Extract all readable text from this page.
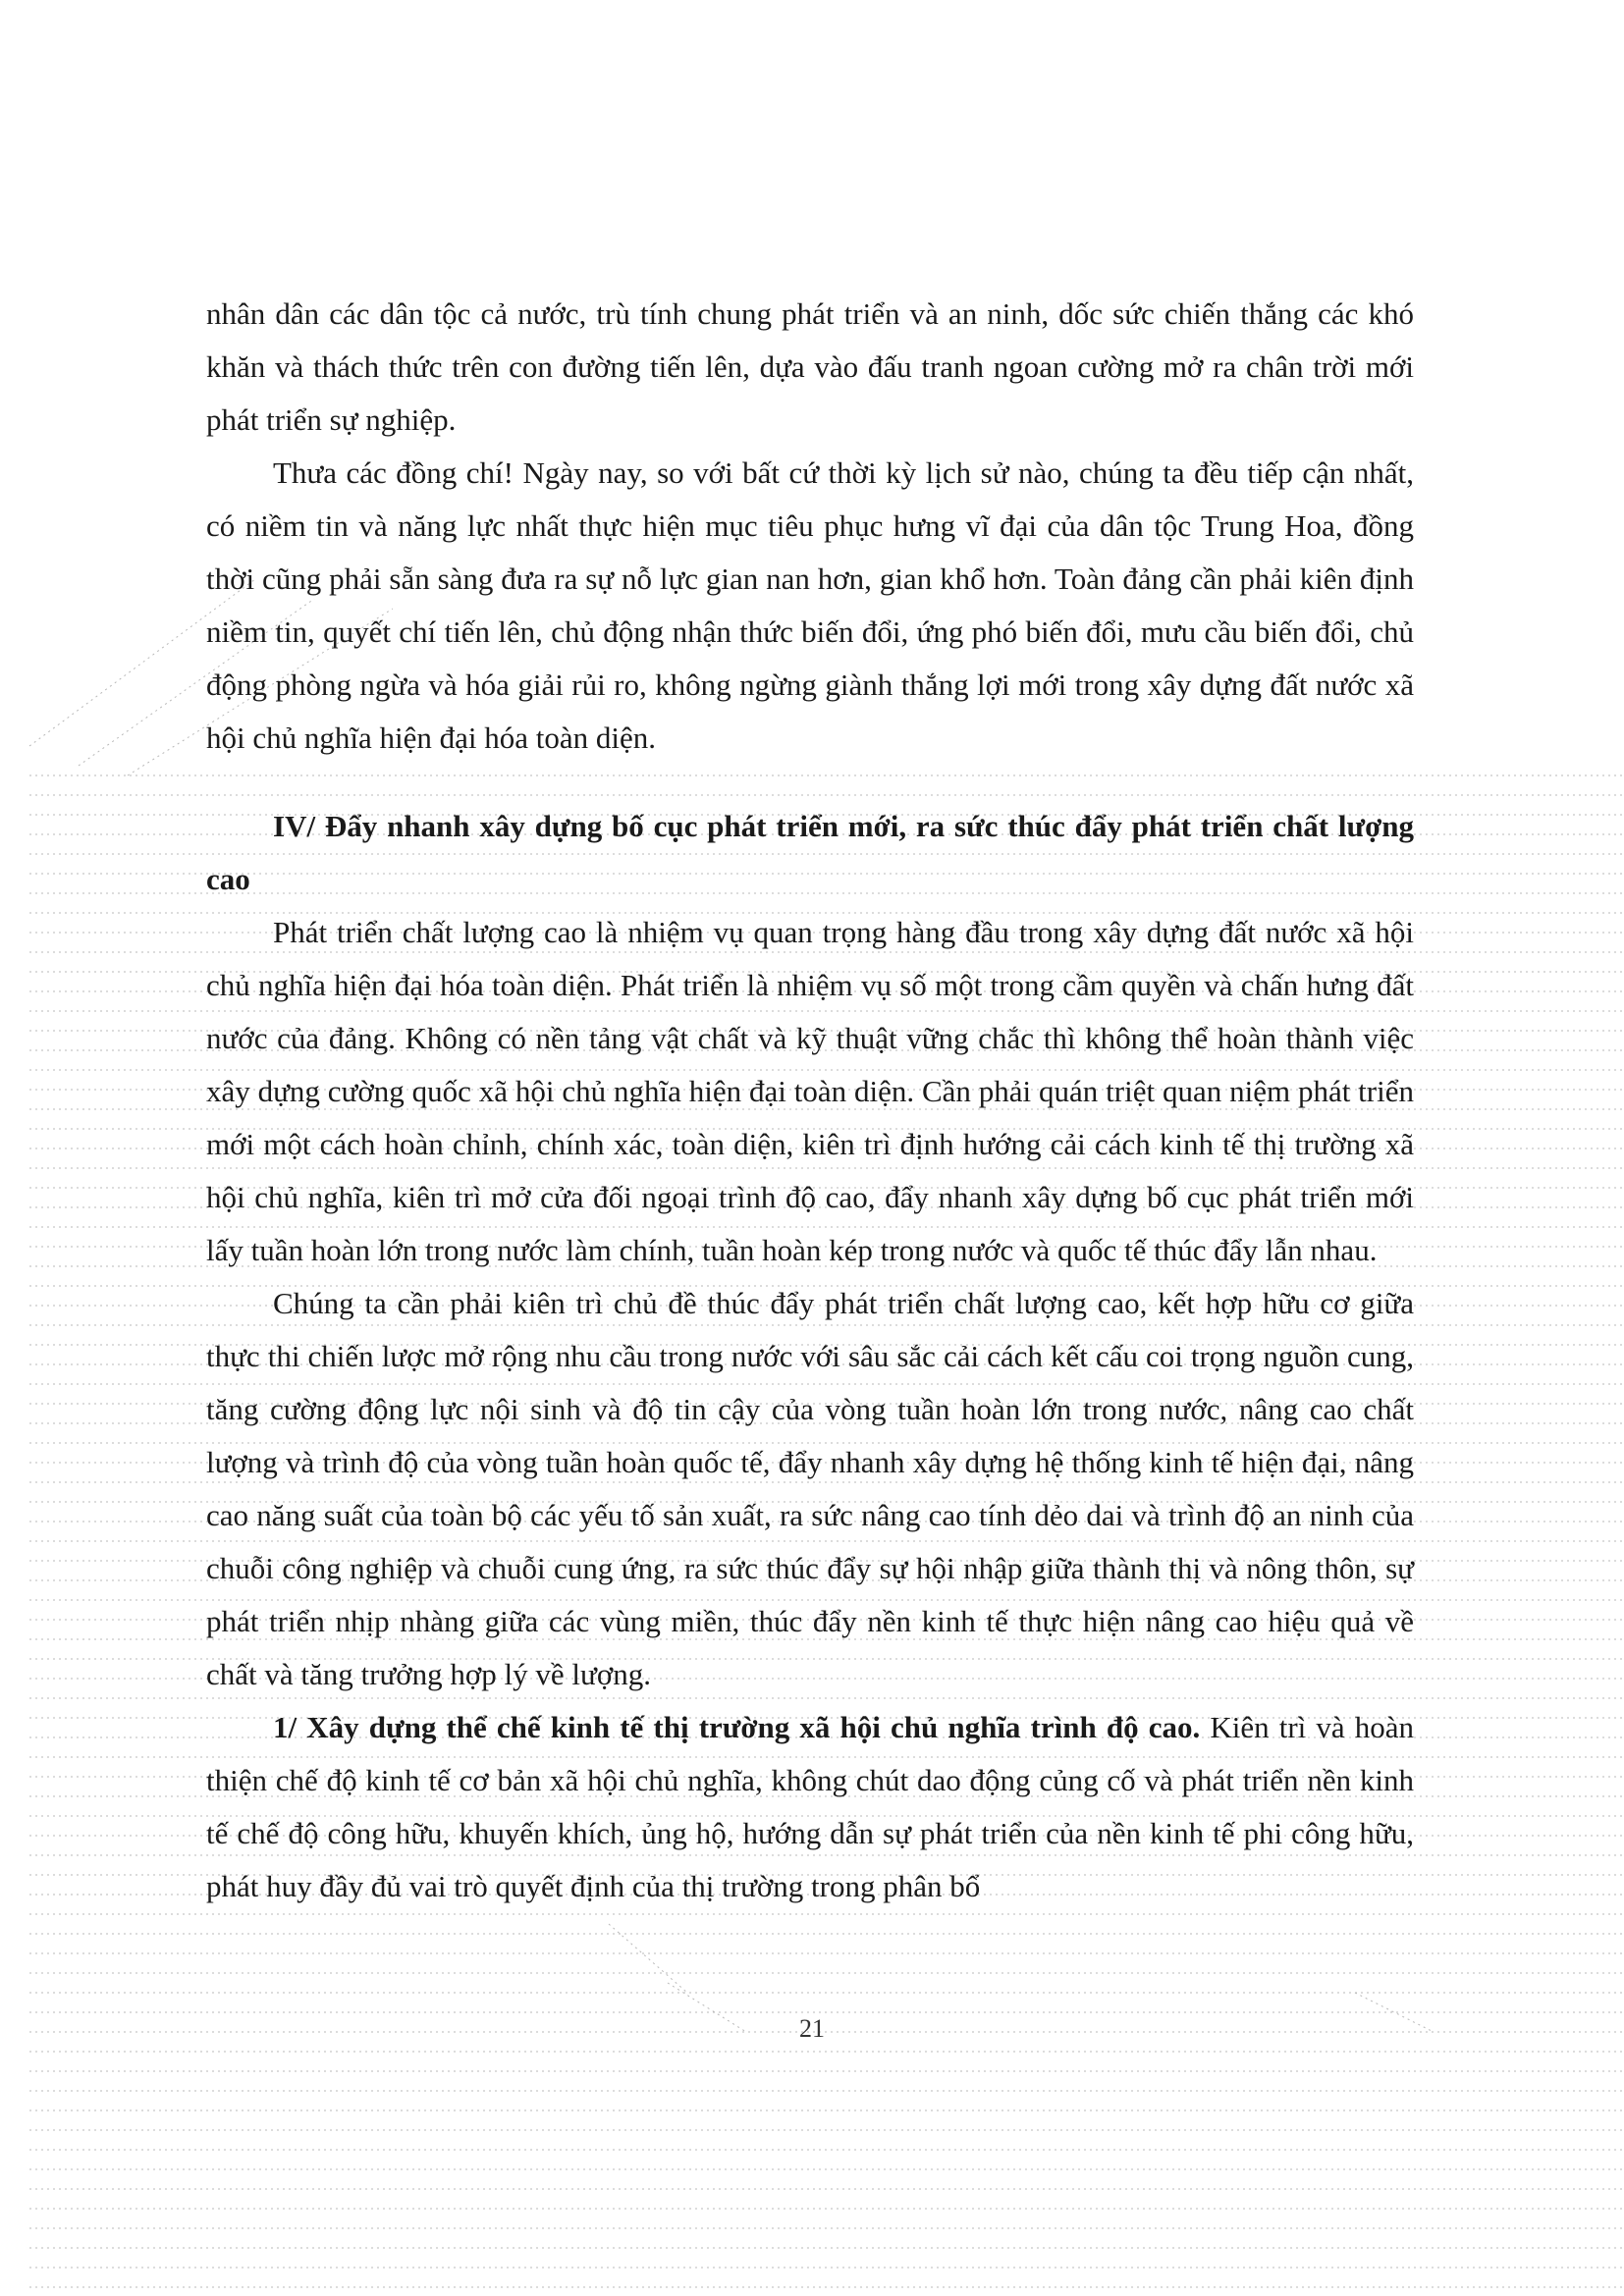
nhân dân các dân tộc cả nước, trù tính chung phát triển và an ninh, dốc sức chiến thắng các khó khăn và thách thức trên con đường tiến lên, dựa vào đấu tranh ngoan cường mở ra chân trời mới phát triển sự nghiệp.

Thưa các đồng chí! Ngày nay, so với bất cứ thời kỳ lịch sử nào, chúng ta đều tiếp cận nhất, có niềm tin và năng lực nhất thực hiện mục tiêu phục hưng vĩ đại của dân tộc Trung Hoa, đồng thời cũng phải sẵn sàng đưa ra sự nỗ lực gian nan hơn, gian khổ hơn. Toàn đảng cần phải kiên định niềm tin, quyết chí tiến lên, chủ động nhận thức biến đổi, ứng phó biến đổi, mưu cầu biến đổi, chủ động phòng ngừa và hóa giải rủi ro, không ngừng giành thắng lợi mới trong xây dựng đất nước xã hội chủ nghĩa hiện đại hóa toàn diện.

IV/ Đẩy nhanh xây dựng bố cục phát triển mới, ra sức thúc đẩy phát triển chất lượng cao

Phát triển chất lượng cao là nhiệm vụ quan trọng hàng đầu trong xây dựng đất nước xã hội chủ nghĩa hiện đại hóa toàn diện. Phát triển là nhiệm vụ số một trong cầm quyền và chấn hưng đất nước của đảng. Không có nền tảng vật chất và kỹ thuật vững chắc thì không thể hoàn thành việc xây dựng cường quốc xã hội chủ nghĩa hiện đại toàn diện. Cần phải quán triệt quan niệm phát triển mới một cách hoàn chỉnh, chính xác, toàn diện, kiên trì định hướng cải cách kinh tế thị trường xã hội chủ nghĩa, kiên trì mở cửa đối ngoại trình độ cao, đẩy nhanh xây dựng bố cục phát triển mới lấy tuần hoàn lớn trong nước làm chính, tuần hoàn kép trong nước và quốc tế thúc đẩy lẫn nhau.

Chúng ta cần phải kiên trì chủ đề thúc đẩy phát triển chất lượng cao, kết hợp hữu cơ giữa thực thi chiến lược mở rộng nhu cầu trong nước với sâu sắc cải cách kết cấu coi trọng nguồn cung, tăng cường động lực nội sinh và độ tin cậy của vòng tuần hoàn lớn trong nước, nâng cao chất lượng và trình độ của vòng tuần hoàn quốc tế, đẩy nhanh xây dựng hệ thống kinh tế hiện đại, nâng cao năng suất của toàn bộ các yếu tố sản xuất, ra sức nâng cao tính dẻo dai và trình độ an ninh của chuỗi công nghiệp và chuỗi cung ứng, ra sức thúc đẩy sự hội nhập giữa thành thị và nông thôn, sự phát triển nhịp nhàng giữa các vùng miền, thúc đẩy nền kinh tế thực hiện nâng cao hiệu quả về chất và tăng trưởng hợp lý về lượng.

1/ Xây dựng thể chế kinh tế thị trường xã hội chủ nghĩa trình độ cao. Kiên trì và hoàn thiện chế độ kinh tế cơ bản xã hội chủ nghĩa, không chút dao động củng cố và phát triển nền kinh tế chế độ công hữu, khuyến khích, ủng hộ, hướng dẫn sự phát triển của nền kinh tế phi công hữu, phát huy đầy đủ vai trò quyết định của thị trường trong phân bổ

21
